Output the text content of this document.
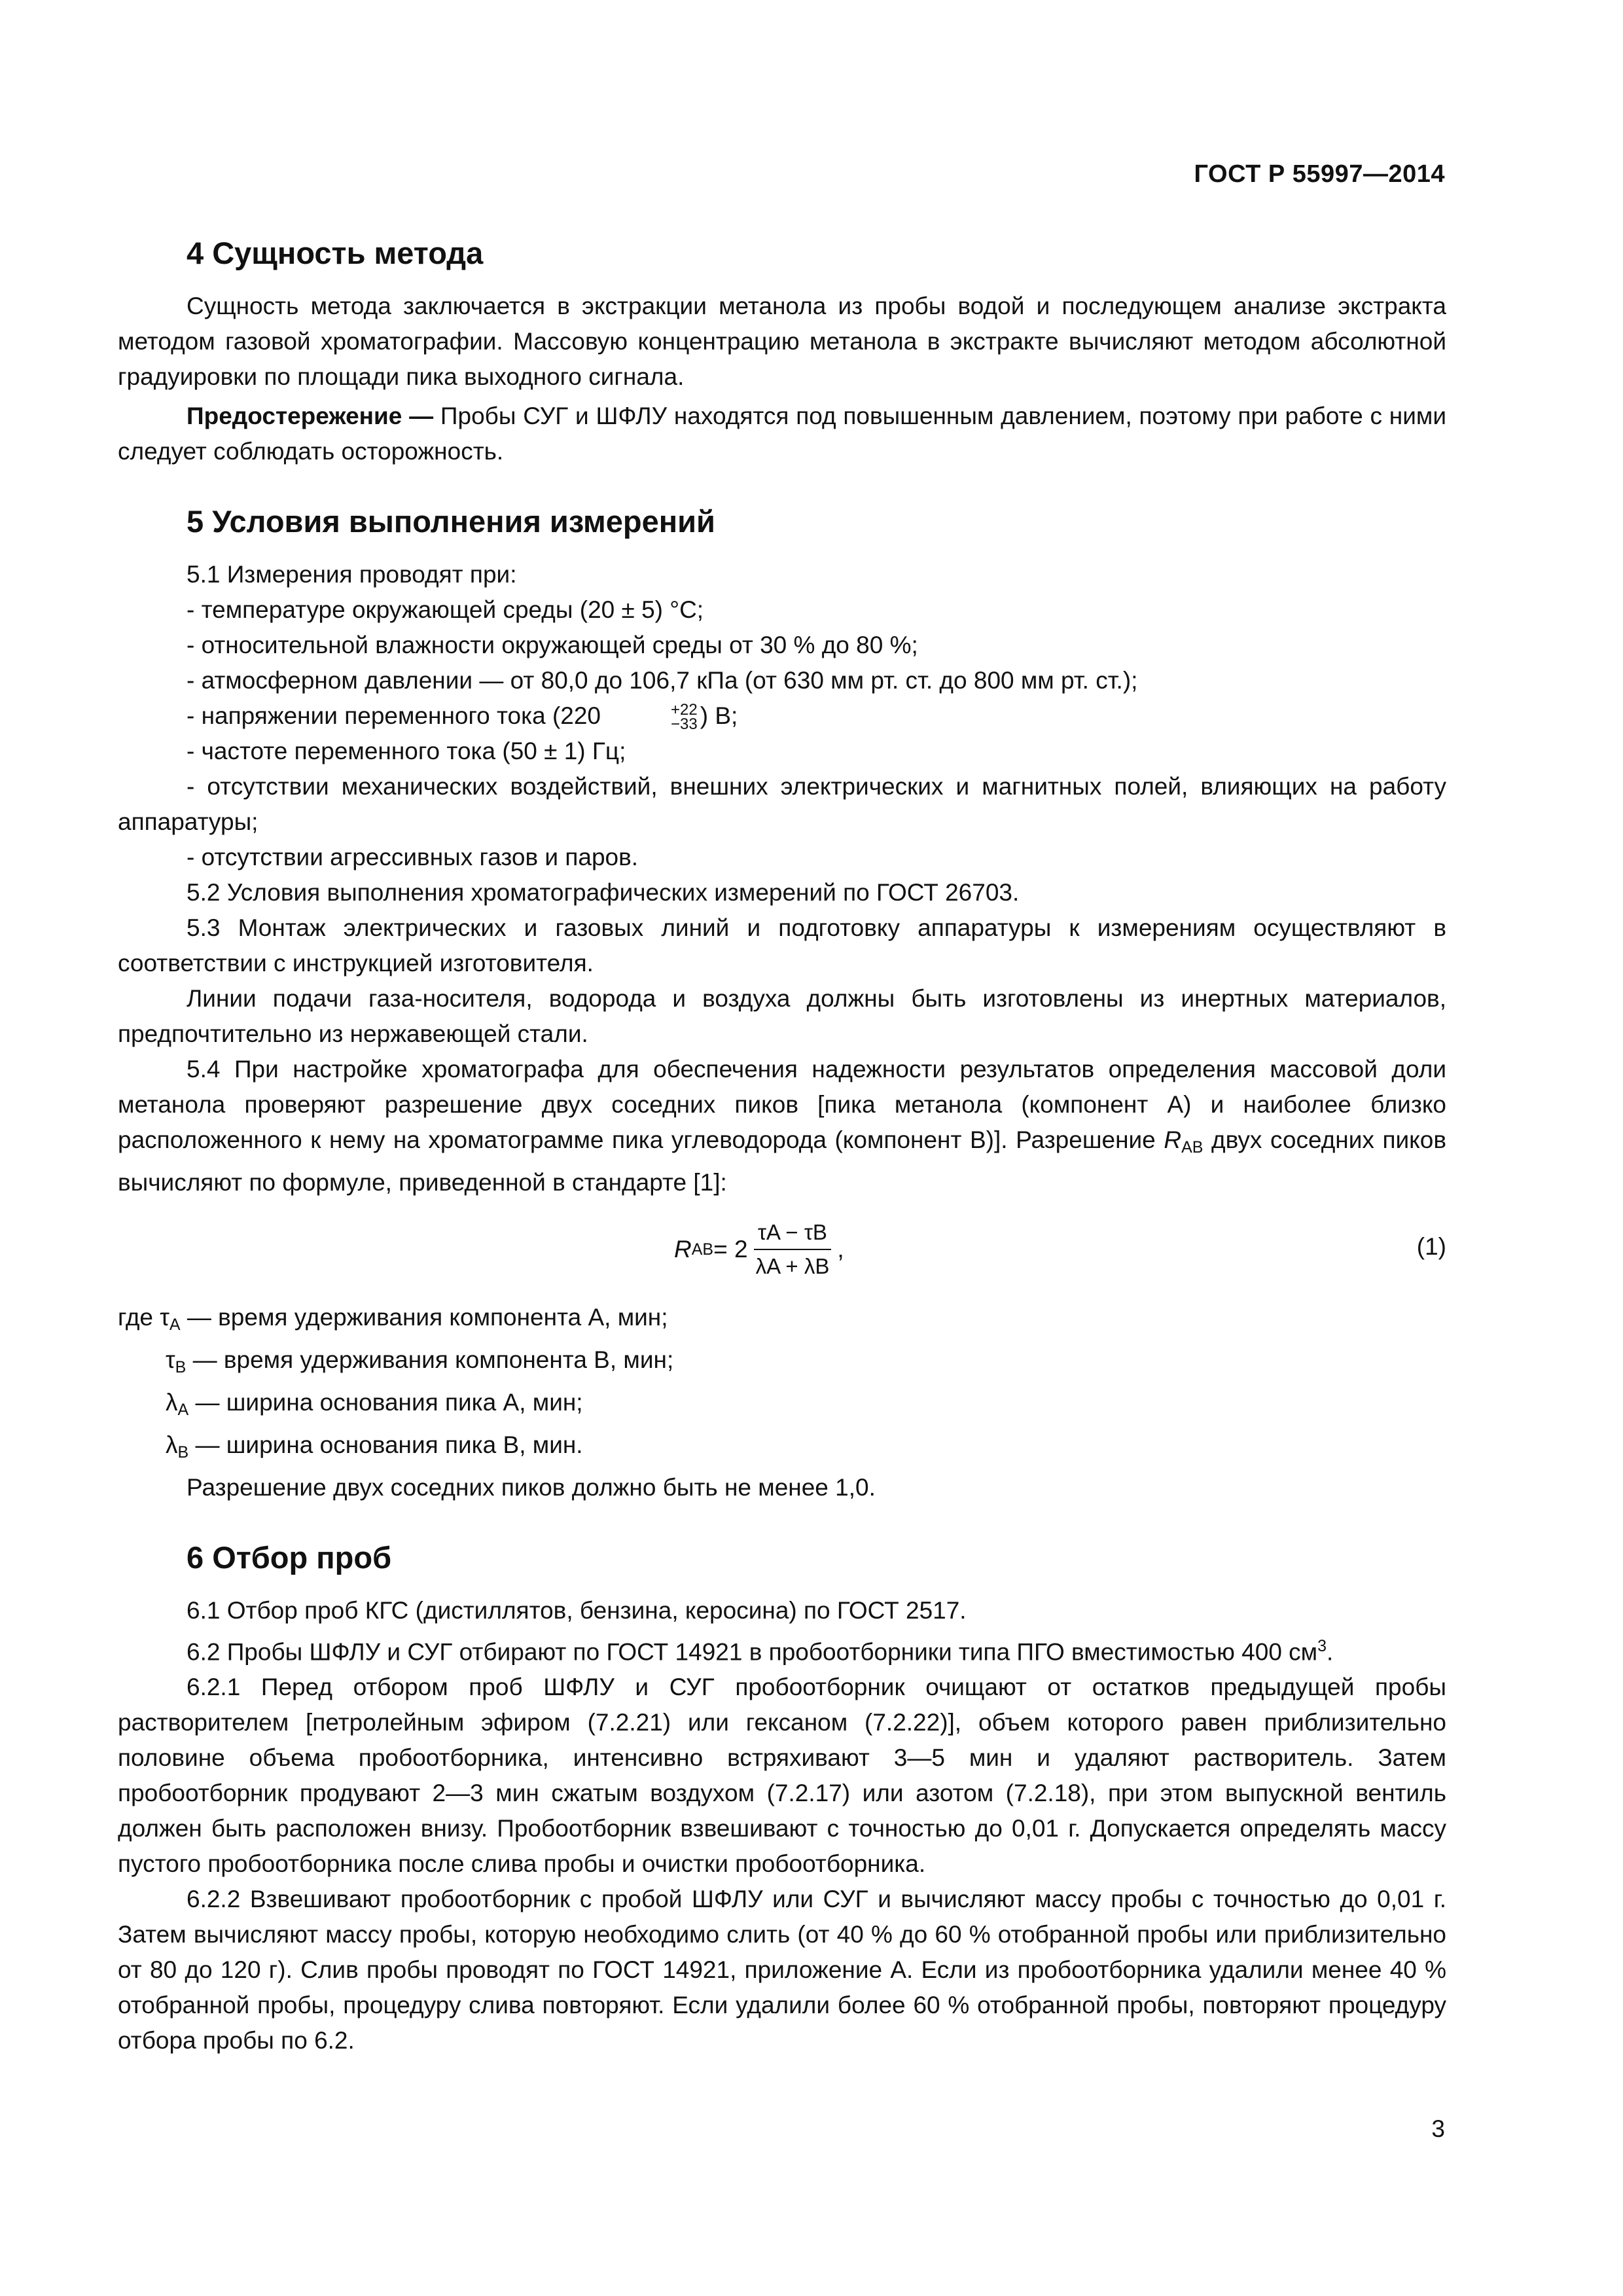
ГОСТ Р 55997—2014
4 Сущность метода

Сущность метода заключается в экстракции метанола из пробы водой и последующем анализе экстракта методом газовой хроматографии. Массовую концентрацию метанола в экстракте вычисляют методом абсолютной градуировки по площади пика выходного сигнала.

Предостережение — Пробы СУГ и ШФЛУ находятся под повышенным давлением, поэтому при работе с ними следует соблюдать осторожность.

5 Условия выполнения измерений

5.1 Измерения проводят при:

- температуре окружающей среды (20 ± 5) °С;

- относительной влажности окружающей среды от 30 % до 80 %;

- атмосферном давлении — от 80,0 до 106,7 кПа (от 630 мм рт. ст. до 800 мм рт. ст.);

- напряжении переменного тока (220	+22
−33 ) В;

- частоте переменного тока (50 ± 1) Гц;

- отсутствии механических воздействий, внешних электрических и магнитных полей, влияющих на работу аппаратуры;

- отсутствии агрессивных газов и паров.

5.2 Условия выполнения хроматографических измерений по ГОСТ 26703.

5.3 Монтаж электрических и газовых линий и подготовку аппаратуры к измерениям осуществляют в соответствии с инструкцией изготовителя.

Линии подачи газа-носителя, водорода и воздуха должны быть изготовлены из инертных материалов, предпочтительно из нержавеющей стали.

5.4 При настройке хроматографа для обеспечения надежности результатов определения массовой доли метанола проверяют разрешение двух соседних пиков [пика метанола (компонент А) и наиболее близко расположенного к нему на хроматограмме пика углеводорода (компонент В)]. Разрешение $R_{AB}$ двух соседних пиков вычисляют по формуле, приведенной в стандарте [1]:

R AB = $2 \frac{\tau A - \tau B}{\lambda A + \lambda B}$ ,	(1)

где $\tau_A$ — время удерживания компонента А, мин;

$\tau_B$ — время удерживания компонента В, мин;

$\lambda_A$ — ширина основания пика А, мин;

$\lambda_B$ — ширина основания пика В, мин.

Разрешение двух соседних пиков должно быть не менее 1,0.

6 Отбор проб

6.1 Отбор проб КГС (дистиллятов, бензина, керосина) по ГОСТ 2517.

6.2 Пробы ШФЛУ и СУГ отбирают по ГОСТ 14921 в пробоотборники типа ПГО вместимостью 400 $см^3$.

6.2.1 Перед отбором проб ШФЛУ и СУГ пробоотборник очищают от остатков предыдущей пробы растворителем [петролейным эфиром (7.2.21) или гексаном (7.2.22)], объем которого равен приблизительно половине объема пробоотборника, интенсивно встряхивают 3—5 мин и удаляют растворитель. Затем пробоотборник продувают 2—3 мин сжатым воздухом (7.2.17) или азотом (7.2.18), при этом выпускной вентиль должен быть расположен внизу. Пробоотборник взвешивают с точностью до 0,01 г. Допускается определять массу пустого пробоотборника после слива пробы и очистки пробоотборника.

6.2.2 Взвешивают пробоотборник с пробой ШФЛУ или СУГ и вычисляют массу пробы с точностью до 0,01 г. Затем вычисляют массу пробы, которую необходимо слить (от 40 % до 60 % отобранной пробы или приблизительно от 80 до 120 г). Слив пробы проводят по ГОСТ 14921, приложение А. Если из пробоотборника удалили менее 40 % отобранной пробы, процедуру слива повторяют. Если удалили более 60 % отобранной пробы, повторяют процедуру отбора пробы по 6.2.

3
